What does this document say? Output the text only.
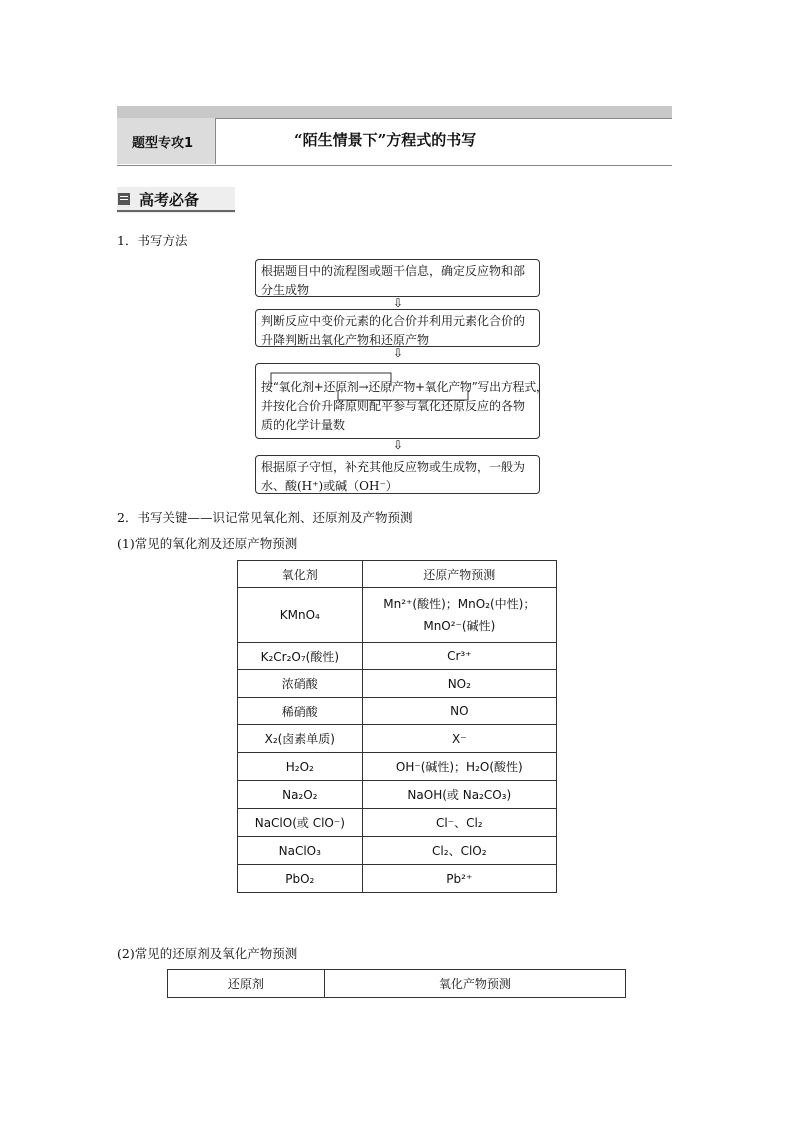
题型专攻1	“陌生情景下”方程式的书写
高考必备
1．书写方法
根据题目中的流程图或题干信息，确定反应物和部分生成物
⇩
判断反应中变价元素的化合价并利用元素化合价的升降判断出氧化产物和还原产物
⇩
按“氧化剂+还原剂→还原产物+氧化产物”写出方程式，
并按化合价升降原则配平参与氧化还原反应的各物质的化学计量数
⇩
根据原子守恒，补充其他反应物或生成物，一般为水、酸(H⁺)或碱（OH⁻）
2．书写关键——识记常见氧化剂、还原剂及产物预测
(1)常见的氧化剂及还原产物预测
氧化剂	还原产物预测
KMnO₄	Mn²⁺(酸性)；MnO₂(中性)；MnO²⁻(碱性)
K₂Cr₂O₇(酸性)	Cr³⁺
浓硝酸	NO₂
稀硝酸	NO
X₂(卤素单质)	X⁻
H₂O₂	OH⁻(碱性)；H₂O(酸性)
Na₂O₂	NaOH(或 Na₂CO₃)
NaClO(或 ClO⁻)	Cl⁻、Cl₂
NaClO₃	Cl₂、ClO₂
PbO₂	Pb²⁺
(2)常见的还原剂及氧化产物预测
还原剂	氧化产物预测
